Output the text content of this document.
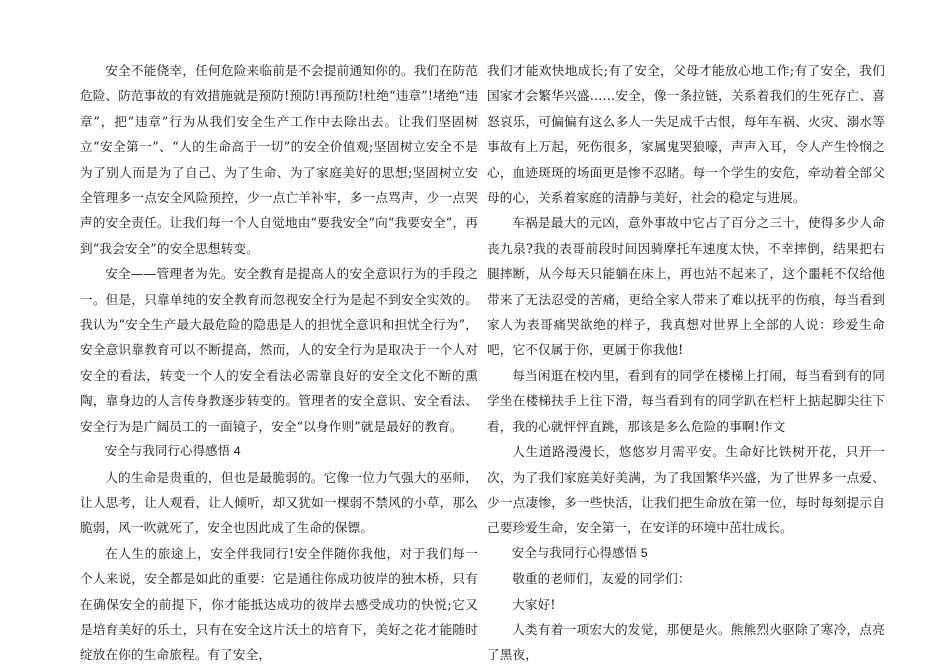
安全不能侥幸，任何危险来临前是不会提前通知你的。我们在防范危险、防范事故的有效措施就是预防!预防!再预防!杜绝“违章”!堵绝“违章”，把“违章”行为从我们安全生产工作中去除出去。让我们坚固树立“安全第一”、“人的生命高于一切”的安全价值观;坚固树立安全不是为了别人而是为了自己、为了生命、为了家庭美好的思想;坚固树立安全管理多一点安全风险预控，少一点亡羊补牢，多一点骂声，少一点哭声的安全责任。让我们每一个人自觉地由“要我安全”向“我要安全”，再到“我会安全”的安全思想转变。

安全——管理者为先。安全教育是提高人的安全意识行为的手段之一。但是，只靠单纯的安全教育而忽视安全行为是起不到安全实效的。我认为“安全生产最大最危险的隐患是人的担忧全意识和担忧全行为”，安全意识靠教育可以不断提高，然而，人的安全行为是取决于一个人对安全的看法，转变一个人的安全看法必需靠良好的安全文化不断的熏陶，靠身边的人言传身教逐步转变的。管理者的安全意识、安全看法、安全行为是广阔员工的一面镜子，安全“以身作则”就是最好的教育。

安全与我同行心得感悟 4

人的生命是贵重的，但也是最脆弱的。它像一位力气强大的巫师，让人思考，让人观看，让人倾听，却又犹如一棵弱不禁风的小草，那么脆弱，风一吹就死了，安全也因此成了生命的保镖。

在人生的旅途上，安全伴我同行!安全伴随你我他，对于我们每一个人来说，安全都是如此的重要：它是通往你成功彼岸的独木桥，只有在确保安全的前提下，你才能抵达成功的彼岸去感受成功的快悦;它又是培育美好的乐土，只有在安全这片沃土的培育下，美好之花才能随时绽放在你的生命旅程。有了安全，

我们才能欢快地成长;有了安全，父母才能放心地工作;有了安全，我们国家才会繁华兴盛……安全，像一条拉链，关系着我们的生死存亡、喜怒哀乐，可偏偏有这么多人一失足成千古恨，每年车祸、火灾、溺水等事故有上万起，死伤很多，家属鬼哭狼嚎，声声入耳，令人产生怜悯之心，血迹斑斑的场面更是惨不忍睹。每一个学生的安危，牵动着全部父母的心，关系着家庭的清静与美好，社会的稳定与进展。

车祸是最大的元凶，意外事故中它占了百分之三十，使得多少人命丧九泉?我的表哥前段时间因骑摩托车速度太快，不幸摔倒，结果把右腿摔断，从今每天只能躺在床上，再也站不起来了，这个噩耗不仅给他带来了无法忍受的苦痛，更给全家人带来了难以抚平的伤痕，每当看到家人为表哥痛哭欲绝的样子，我真想对世界上全部的人说：珍爱生命吧，它不仅属于你，更属于你我他!

每当闲逛在校内里，看到有的同学在楼梯上打闹，每当看到有的同学坐在楼梯扶手上往下滑，每当看到有的同学趴在栏杆上掂起脚尖往下看，我的心就怦怦直跳，那该是多么危险的事啊!作文

人生道路漫漫长，悠悠岁月需平安。生命好比铁树开花，只开一次，为了我们家庭美好美满，为了我国繁华兴盛，为了世界多一点爱、少一点凄惨，多一些快活，让我们把生命放在第一位，每时每刻提示自己要珍爱生命，安全第一，在安详的环境中茁壮成长。

安全与我同行心得感悟 5

敬重的老师们，友爱的同学们：

大家好!

人类有着一项宏大的发觉，那便是火。熊熊烈火驱除了寒冷，点亮了黑夜，
